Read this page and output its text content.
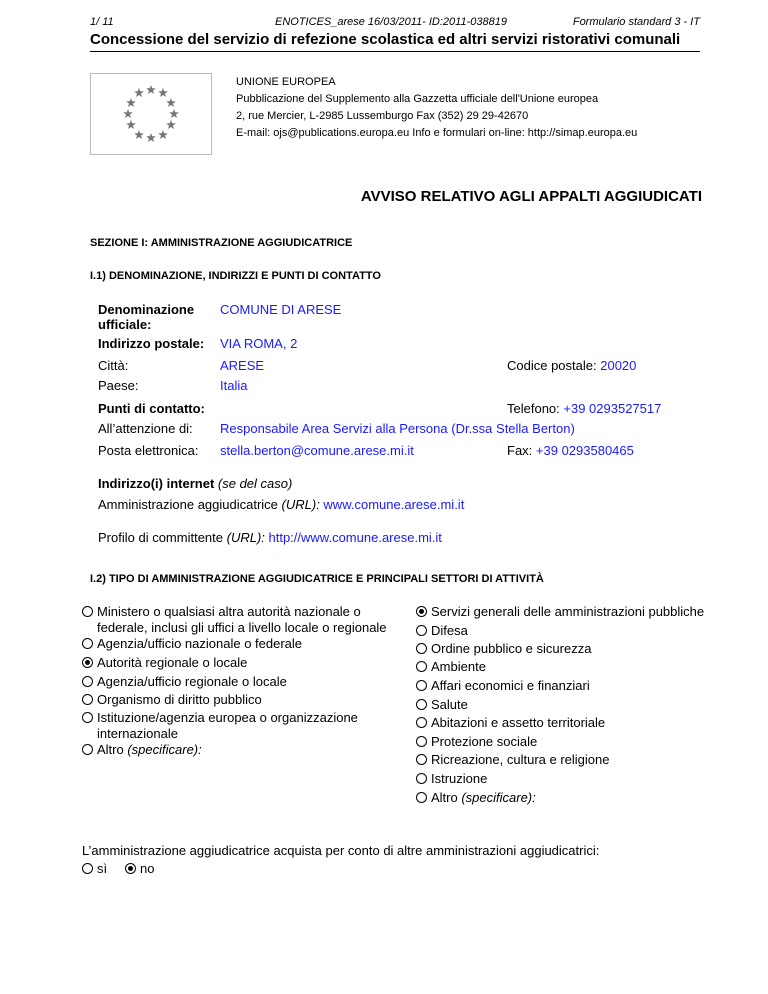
1/ 11	ENOTICES_arese 16/03/2011- ID:2011-038819	Formulario standard 3 - IT
Concessione del servizio di refezione scolastica ed altri servizi ristorativi comunali
UNIONE EUROPEA
Pubblicazione del Supplemento alla Gazzetta ufficiale dell'Unione europea
2, rue Mercier, L-2985 Lussemburgo Fax (352) 29 29-42670
E-mail: ojs@publications.europa.eu Info e formulari on-line: http://simap.europa.eu
AVVISO RELATIVO AGLI APPALTI AGGIUDICATI
SEZIONE I: AMMINISTRAZIONE AGGIUDICATRICE
I.1) DENOMINAZIONE, INDIRIZZI E PUNTI DI CONTATTO
Denominazione
ufficiale:
COMUNE DI ARESE
Indirizzo postale: VIA ROMA, 2
Città:	ARESE	Codice postale: 20020
Paese:	Italia
Punti di contatto:	Telefono: +39 0293527517
All’attenzione di: Responsabile Area Servizi alla Persona (Dr.ssa Stella Berton)
Posta elettronica: stella.berton@comune.arese.mi.it	Fax: +39 0293580465
Indirizzo(i) internet (se del caso)
Amministrazione aggiudicatrice (URL): www.comune.arese.mi.it
Profilo di committente (URL): http://www.comune.arese.mi.it
I.2) TIPO DI AMMINISTRAZIONE AGGIUDICATRICE E PRINCIPALI SETTORI DI ATTIVITÀ
Ministero o qualsiasi altra autorità nazionale o
federale, inclusi gli uffici a livello locale o regionale
Agenzia/ufficio nazionale o federale
Autorità regionale o locale
Agenzia/ufficio regionale o locale
Organismo di diritto pubblico
Istituzione/agenzia europea o organizzazione
internazionale
Altro (specificare):
Servizi generali delle amministrazioni pubbliche
Difesa
Ordine pubblico e sicurezza
Ambiente
Affari economici e finanziari
Salute
Abitazioni e assetto territoriale
Protezione sociale
Ricreazione, cultura e religione
Istruzione
Altro (specificare):
L’amministrazione aggiudicatrice acquista per conto di altre amministrazioni aggiudicatrici:
sì	no
